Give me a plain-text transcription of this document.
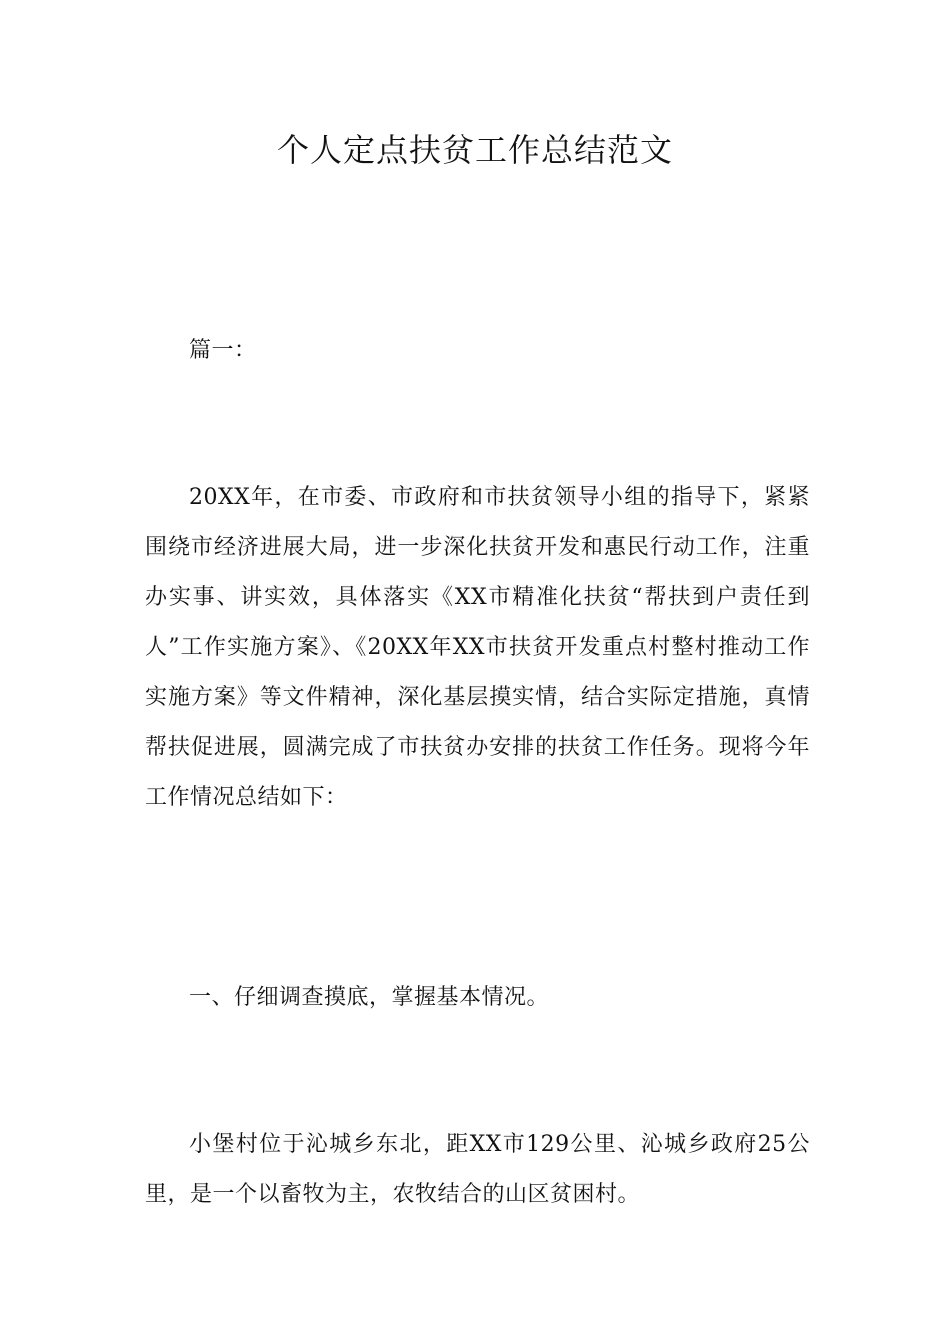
个人定点扶贫工作总结范文

篇一：

20XX年，在市委、市政府和市扶贫领导小组的指导下，紧紧围绕市经济进展大局，进一步深化扶贫开发和惠民行动工作，注重办实事、讲实效，具体落实《XX市精准化扶贫“帮扶到户责任到人”工作实施方案》、《20XX年XX市扶贫开发重点村整村推动工作实施方案》等文件精神，深化基层摸实情，结合实际定措施，真情帮扶促进展，圆满完成了市扶贫办安排的扶贫工作任务。现将今年工作情况总结如下：

一、仔细调查摸底，掌握基本情况。

小堡村位于沁城乡东北，距XX市129公里、沁城乡政府25公里，是一个以畜牧为主，农牧结合的山区贫困村。
